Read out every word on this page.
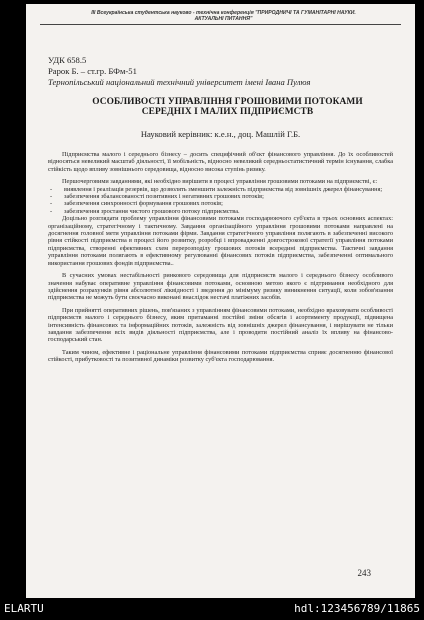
III Всеукраїнська студентська науково - технічна конференція "ПРИРОДНИЧІ ТА ГУМАНІТАРНІ НАУКИ.
АКТУАЛЬНІ ПИТАННЯ"
УДК 658.5
Рарок Б. – ст.гр. БФм-51
Тернопільський національний технічний університет імені Івана Пулюя
ОСОБЛИВОСТІ УПРАВЛІННЯ ГРОШОВИМИ ПОТОКАМИ
СЕРЕДНІХ І МАЛИХ ПІДПРИЄМСТВ
Науковий керівник: к.е.н., доц. Машлій Г.Б.

Підприємства малого і середнього бізнесу – досить специфічний об'єкт фінансового управління. До їх особливостей відносяться невеликий масштаб діяльності, її мобільність, відносно невеликий середньостатистичний термін існування, слабка стійкість щодо впливу зовнішнього середовища, відносно висока ступінь ризику.

Першочерговими завданнями, які необхідно вирішити в процесі управління грошовими потоками на підприємстві, є:

- виявлення і реалізація резервів, що дозволять зменшити залежність підприємства від зовнішніх джерел фінансування;

- забезпечення збалансованості позитивних і негативних грошових потоків;

- забезпечення синхронності формування грошових потоків;

- забезпечення зростання чистого грошового потоку підприємства.

Доцільно розглядати проблему управління фінансовими потоками господарюючого суб'єкта в трьох основних аспектах: організаційному, стратегічному і тактичному. Завдання організаційного управління грошовими потоками направлені на досягнення головної мети управління потоками фірми. Завдання стратегічного управління полягають в забезпеченні високого рівня стійкості підприємства в процесі його розвитку, розробці і впровадженні довгострокової стратегії управління потоками підприємства, створенні ефективних схем перерозподілу грошових потоків всередині підприємства. Тактичні завдання управління потоками полягають в ефективному регулюванні фінансових потоків підприємства, забезпеченні оптимального використання грошових фондів підприємства..

В сучасних умовах нестабільності ринкового середовища для підприємств малого і середнього бізнесу особливого значення набуває оперативне управління фінансовими потоками, основною метою якого є підтримання необхідного для здійснення розрахунків рівня абсолютної ліквідності і зведення до мінімуму ризику виникнення ситуації, коли зобов'язання підприємства не можуть бути своєчасно виконані внаслідок нестачі платіжних засобів.

При прийнятті оперативних рішень, пов'язаних з управлінням фінансовими потоками, необхідно враховувати особливості підприємств малого і середнього бізнесу, яким притаманні постійні зміни обсягів і асортименту продукції, підвищена інтенсивність фінансових та інформаційних потоків, залежність від зовнішніх джерел фінансування, і вирішувати не тільки завдання забезпечення всіх видів діяльності підприємства, але і проводити постійний аналіз їх впливу на фінансово-господарський стан.

Таким чином, ефективне і раціональне управління фінансовими потоками підприємства сприяє досягненню фінансової стійкості, прибутковості та позитивної динаміки розвитку суб'єкта господарювання.

243
ELARTU	hdl:123456789/11865
